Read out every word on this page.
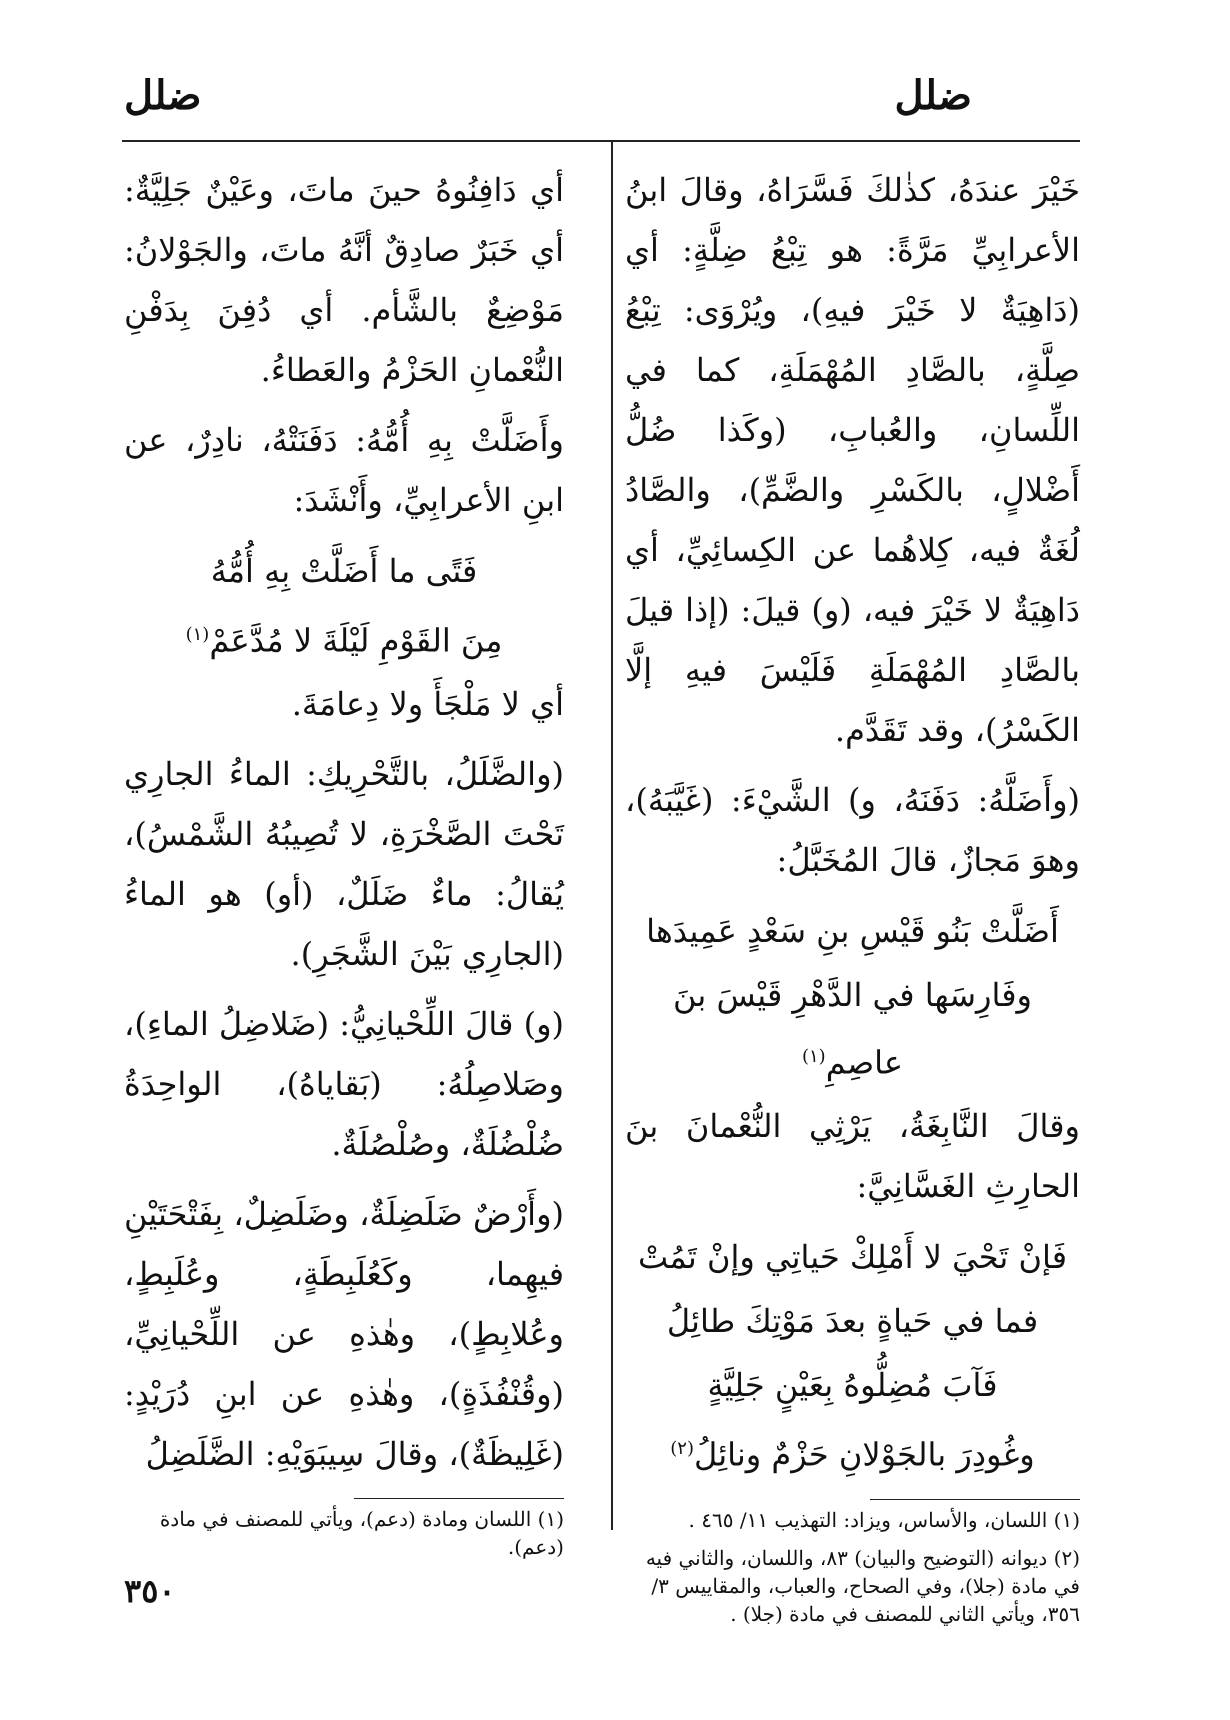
ضلل
ضلل

خَيْرَ عندَهُ، كذٰلكَ فَسَّرَاهُ، وقالَ ابنُ الأعرابِيِّ مَرَّةً: هو تِبْعُ ضِلَّةٍ: أي (دَاهِيَةٌ لا خَيْرَ فيهِ)، ويُرْوَى: تِبْعُ صِلَّةٍ، بالصَّادِ المُهْمَلَةِ، كما في اللِّسانِ، والعُبابِ، (وكَذا ضُلُّ أَضْلالٍ، بالكَسْرِ والضَّمِّ)، والصَّادُ لُغَةٌ فيه، كِلاهُما عن الكِسائِيِّ، أي دَاهِيَةٌ لا خَيْرَ فيه، (و) قيلَ: (إذا قيلَ بالصَّادِ المُهْمَلَةِ فَلَيْسَ فيهِ إلَّا الكَسْرُ)، وقد تَقَدَّم.

(وأَضَلَّهُ: دَفَنَهُ، و) الشَّيْءَ: (غَيَّبَهُ)، وهوَ مَجازٌ، قالَ المُخَبَّلُ:

أَضَلَّتْ بَنُو قَيْسِ بنِ سَعْدٍ عَمِيدَها
وفَارِسَها في الدَّهْرِ قَيْسَ بنَ عاصِمِ$^{(١)}$

وقالَ النَّابِغَةُ، يَرْثِي النُّعْمانَ بنَ الحارِثِ الغَسَّانِيَّ:

فَإنْ تَحْيَ لا أَمْلِكْ حَياتِي وإنْ تَمُتْ
فما في حَياةٍ بعدَ مَوْتِكَ طائِلُ
فَآبَ مُضِلُّوهُ بِعَيْنٍ جَلِيَّةٍ
وغُودِرَ بالجَوْلانِ حَزْمٌ ونائِلُ$^{(٢)}$

(١) اللسان، والأساس، ويزاد: التهذيب ١١/ ٤٦٥ .

(٢) ديوانه (التوضيح والبيان) ٨٣، واللسان، والثاني فيه في مادة (جلا)، وفي الصحاح، والعباب، والمقاييس ٣/ ٣٥٦، ويأتي الثاني للمصنف في مادة (جلا) .

أي دَافِنُوهُ حينَ ماتَ، وعَيْنٌ جَلِيَّةٌ: أي خَبَرٌ صادِقٌ أنَّهُ ماتَ، والجَوْلانُ: مَوْضِعٌ بالشَّأم. أي دُفِنَ بِدَفْنِ النُّعْمانِ الحَزْمُ والعَطاءُ.

وأَضَلَّتْ بِهِ أُمُّهُ: دَفَنَتْهُ، نادِرٌ، عن ابنِ الأعرابِيِّ، وأَنْشَدَ:

فَتًى ما أَضَلَّتْ بِهِ أُمُّهُ
مِنَ القَوْمِ لَيْلَةَ لا مُدَّعَمْ$^{(١)}$

أي لا مَلْجَأَ ولا دِعامَةَ.

(والضَّلَلُ، بالتَّحْرِيكِ: الماءُ الجارِي تَحْتَ الصَّخْرَةِ، لا تُصِيبُهُ الشَّمْسُ)، يُقالُ: ماءٌ ضَلَلٌ، (أو) هو الماءُ (الجارِي بَيْنَ الشَّجَرِ).

(و) قالَ اللِّحْيانِيُّ: (ضَلاضِلُ الماءِ)، وصَلاصِلُهُ: (بَقاياهُ)، الواحِدَةُ ضُلْضُلَةٌ، وصُلْصُلَةٌ.

(وأَرْضٌ ضَلَضِلَةٌ، وضَلَضِلٌ، بِفَتْحَتَيْنِ فيهِما، وكَعُلَبِطَةٍ، وعُلَبِطٍ، وعُلابِطٍ)، وهٰذهِ عن اللِّحْيانِيِّ، (وقُنْفُذَةٍ)، وهٰذهِ عن ابنِ دُرَيْدٍ: (غَلِيظَةٌ)، وقالَ سِيبَوَيْهِ: الضَّلَضِلُ

(١) اللسان ومادة (دعم)، ويأتي للمصنف في مادة (دعم).

٣٥٠
